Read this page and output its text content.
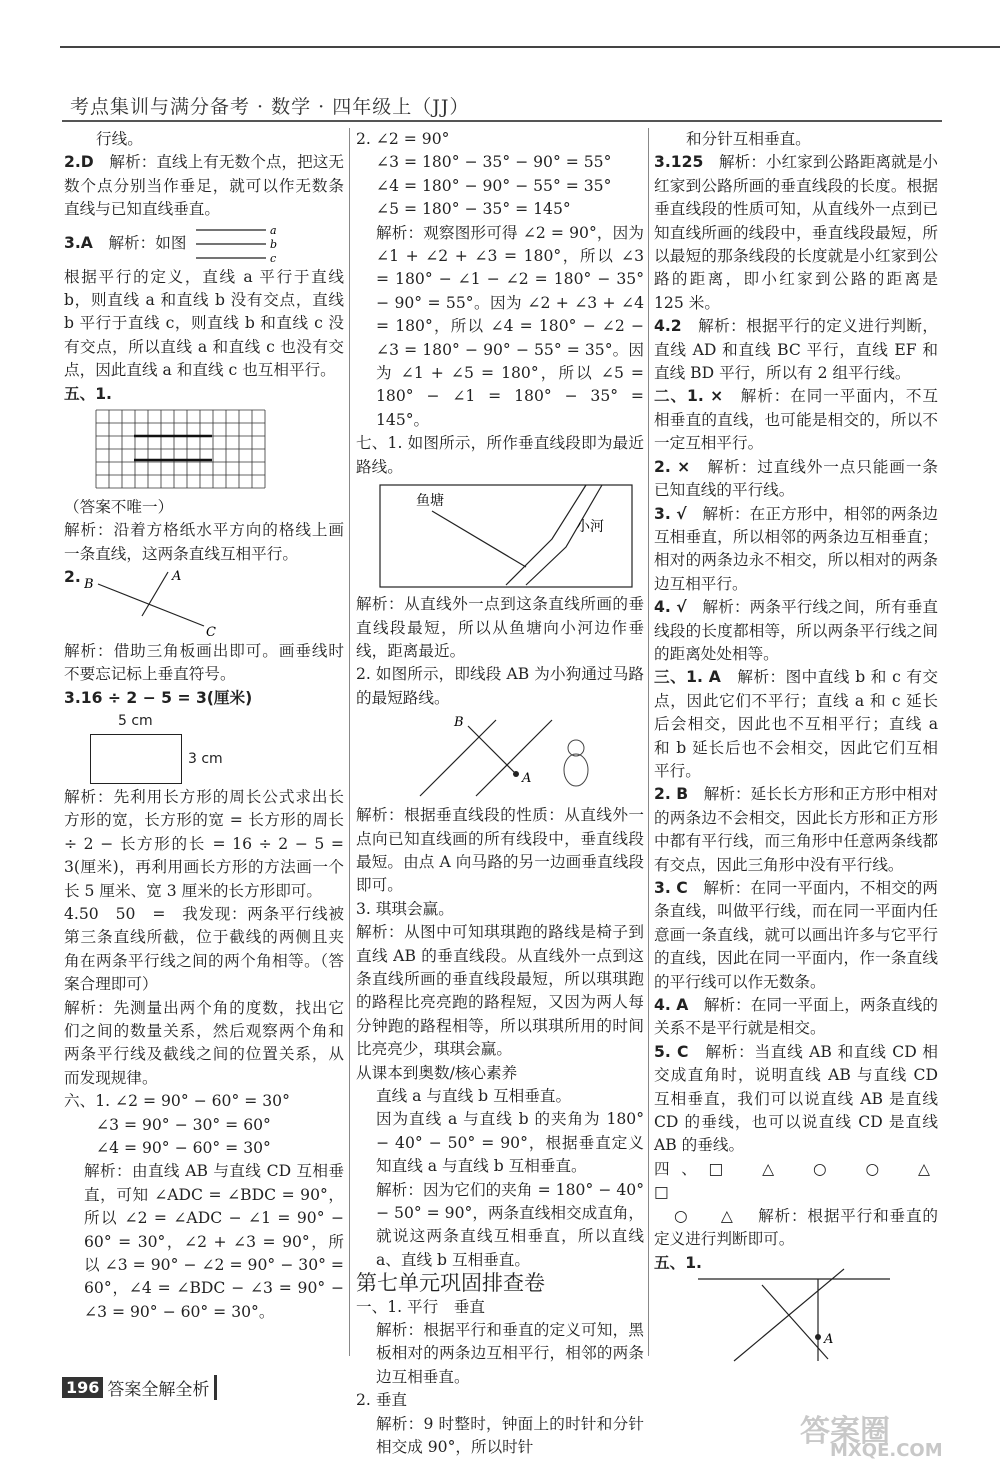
考点集训与满分备考 · 数学 · 四年级上（JJ）

行线。

2.D　 解析：直线上有无数个点，把这无数个点分别当作垂足，就可以作无数条直线与已知直线垂直。

3.A
　 解析：如图
a
b
c

根据平行的定义，直线 a 平行于直线 b，则直线 a 和直线 b 没有交点，直线 b 平行于直线 c，则直线 b 和直线 c 没有交点，所以直线 a 和直线 c 也没有交点，因此直线 a 和直线 c 也互相平行。

五、1.

（答案不唯一）

解析：沿着方格纸水平方向的格线上画一条直线，这两条直线互相平行。

2. B
A
C

解析：借助三角板画出即可。画垂线时不要忘记标上垂直符号。

3.16 ÷ 2 − 5 = 3(厘米)

5 cm
3 cm

解析：先利用长方形的周长公式求出长方形的宽，长方形的宽 = 长方形的周长 ÷ 2 − 长方形的长 = 16 ÷ 2 − 5 = 3(厘米)，再利用画长方形的方法画一个长 5 厘米、宽 3 厘米的长方形即可。

4.50　50　=　我发现：两条平行线被第三条直线所截，位于截线的两侧且夹角在两条平行线之间的两个角相等。（答案合理即可）

解析：先测量出两个角的度数，找出它们之间的数量关系，然后观察两个角和两条平行线及截线之间的位置关系，从而发现规律。

六、1. ∠2 = 90° − 60° = 30°

∠3 = 90° − 30° = 60°

∠4 = 90° − 60° = 30°

解析：由直线 AB 与直线 CD 互相垂直，可知 ∠ADC = ∠BDC = 90°，所以 ∠2 = ∠ADC − ∠1 = 90° − 60° = 30°，∠2 + ∠3 = 90°，所以 ∠3 = 90° − ∠2 = 90° − 30° = 60°，∠4 = ∠BDC − ∠3 = 90° − ∠3 = 90° − 60° = 30°。

2. ∠2 = 90°

∠3 = 180° − 35° − 90° = 55°

∠4 = 180° − 90° − 55° = 35°

∠5 = 180° − 35° = 145°

解析：观察图形可得 ∠2 = 90°，因为 ∠1 + ∠2 + ∠3 = 180°，所以 ∠3 = 180° − ∠1 − ∠2 = 180° − 35° − 90° = 55°。因为 ∠2 + ∠3 + ∠4 = 180°，所以 ∠4 = 180° − ∠2 − ∠3 = 180° − 90° − 55° = 35°。因为 ∠1 + ∠5 = 180°，所以 ∠5 = 180° − ∠1 = 180° − 35° = 145°。

七、1. 如图所示，所作垂直线段即为最近路线。

鱼塘
小河

解析：从直线外一点到这条直线所画的垂直线段最短，所以从鱼塘向小河边作垂线，距离最近。

2. 如图所示，即线段 AB 为小狗通过马路的最短路线。

B
A

解析：根据垂直线段的性质：从直线外一点向已知直线画的所有线段中，垂直线段最短。由点 A 向马路的另一边画垂直线段即可。

3. 琪琪会赢。

解析：从图中可知琪琪跑的路线是椅子到直线 AB 的垂直线段。从直线外一点到这条直线所画的垂直线段最短，所以琪琪跑的路程比亮亮跑的路程短，又因为两人每分钟跑的路程相等，所以琪琪所用的时间比亮亮少，琪琪会赢。

从课本到奥数/核心素养

直线 a 与直线 b 互相垂直。

因为直线 a 与直线 b 的夹角为 180° − 40° − 50° = 90°，根据垂直定义知直线 a 与直线 b 互相垂直。

解析：因为它们的夹角 = 180° − 40° − 50° = 90°，两条直线相交成直角，就说这两条直线互相垂直，所以直线 a、直线 b 互相垂直。

第七单元巩固排查卷

一、1. 平行　垂直

解析：根据平行和垂直的定义可知，黑板相对的两条边互相平行，相邻的两条边互相垂直。

2. 垂直

解析：9 时整时，钟面上的时针和分针相交成 90°，所以时针

和分针互相垂直。

3.125　 解析：小红家到公路距离就是小红家到公路所画的垂直线段的长度。根据垂直线段的性质可知，从直线外一点到已知直线所画的线段中，垂直线段最短，所以最短的那条线段的长度就是小红家到公路的距离，即小红家到公路的距离是 125 米。

4.2　 解析：根据平行的定义进行判断，直线 AD 和直线 BC 平行，直线 EF 和直线 BD 平行，所以有 2 组平行线。

二、1. ×　 解析：在同一平面内，不互相垂直的直线，也可能是相交的，所以不一定互相平行。

2. ×　 解析：过直线外一点只能画一条已知直线的平行线。

3. √　 解析：在正方形中，相邻的两条边互相垂直，所以相邻的两条边互相垂直；相对的两条边永不相交，所以相对的两条边互相平行。

4. √　 解析：两条平行线之间，所有垂直线段的长度都相等，所以两条平行线之间的距离处处相等。

三、1. A　 解析：图中直线 b 和 c 有交点，因此它们不平行；直线 a 和 c 延长后会相交，因此也不互相平行；直线 a 和 b 延长后也不会相交，因此它们互相平行。

2. B　 解析：延长长方形和正方形中相对的两条边不会相交，因此长方形和正方形中都有平行线，而三角形中任意两条线都有交点，因此三角形中没有平行线。

3. C　 解析：在同一平面内，不相交的两条直线，叫做平行线，而在同一平面内任意画一条直线，就可以画出许多与它平行的直线，因此在同一平面内，作一条直线的平行线可以作无数条。

4. A　 解析：在同一平面上，两条直线的关系不是平行就是相交。

5. C　 解析：当直线 AB 和直线 CD 相交成直角时，说明直线 AB 与直线 CD 互相垂直，我们可以说直线 AB 是直线 CD 的垂线，也可以说直线 CD 是直线 AB 的垂线。

四、□　△　○　○　△　□

○　△　 解析：根据平行和垂直的定义进行判断即可。

五、1.

A
196 答案全解全析
答案圈
MXQE.COM
